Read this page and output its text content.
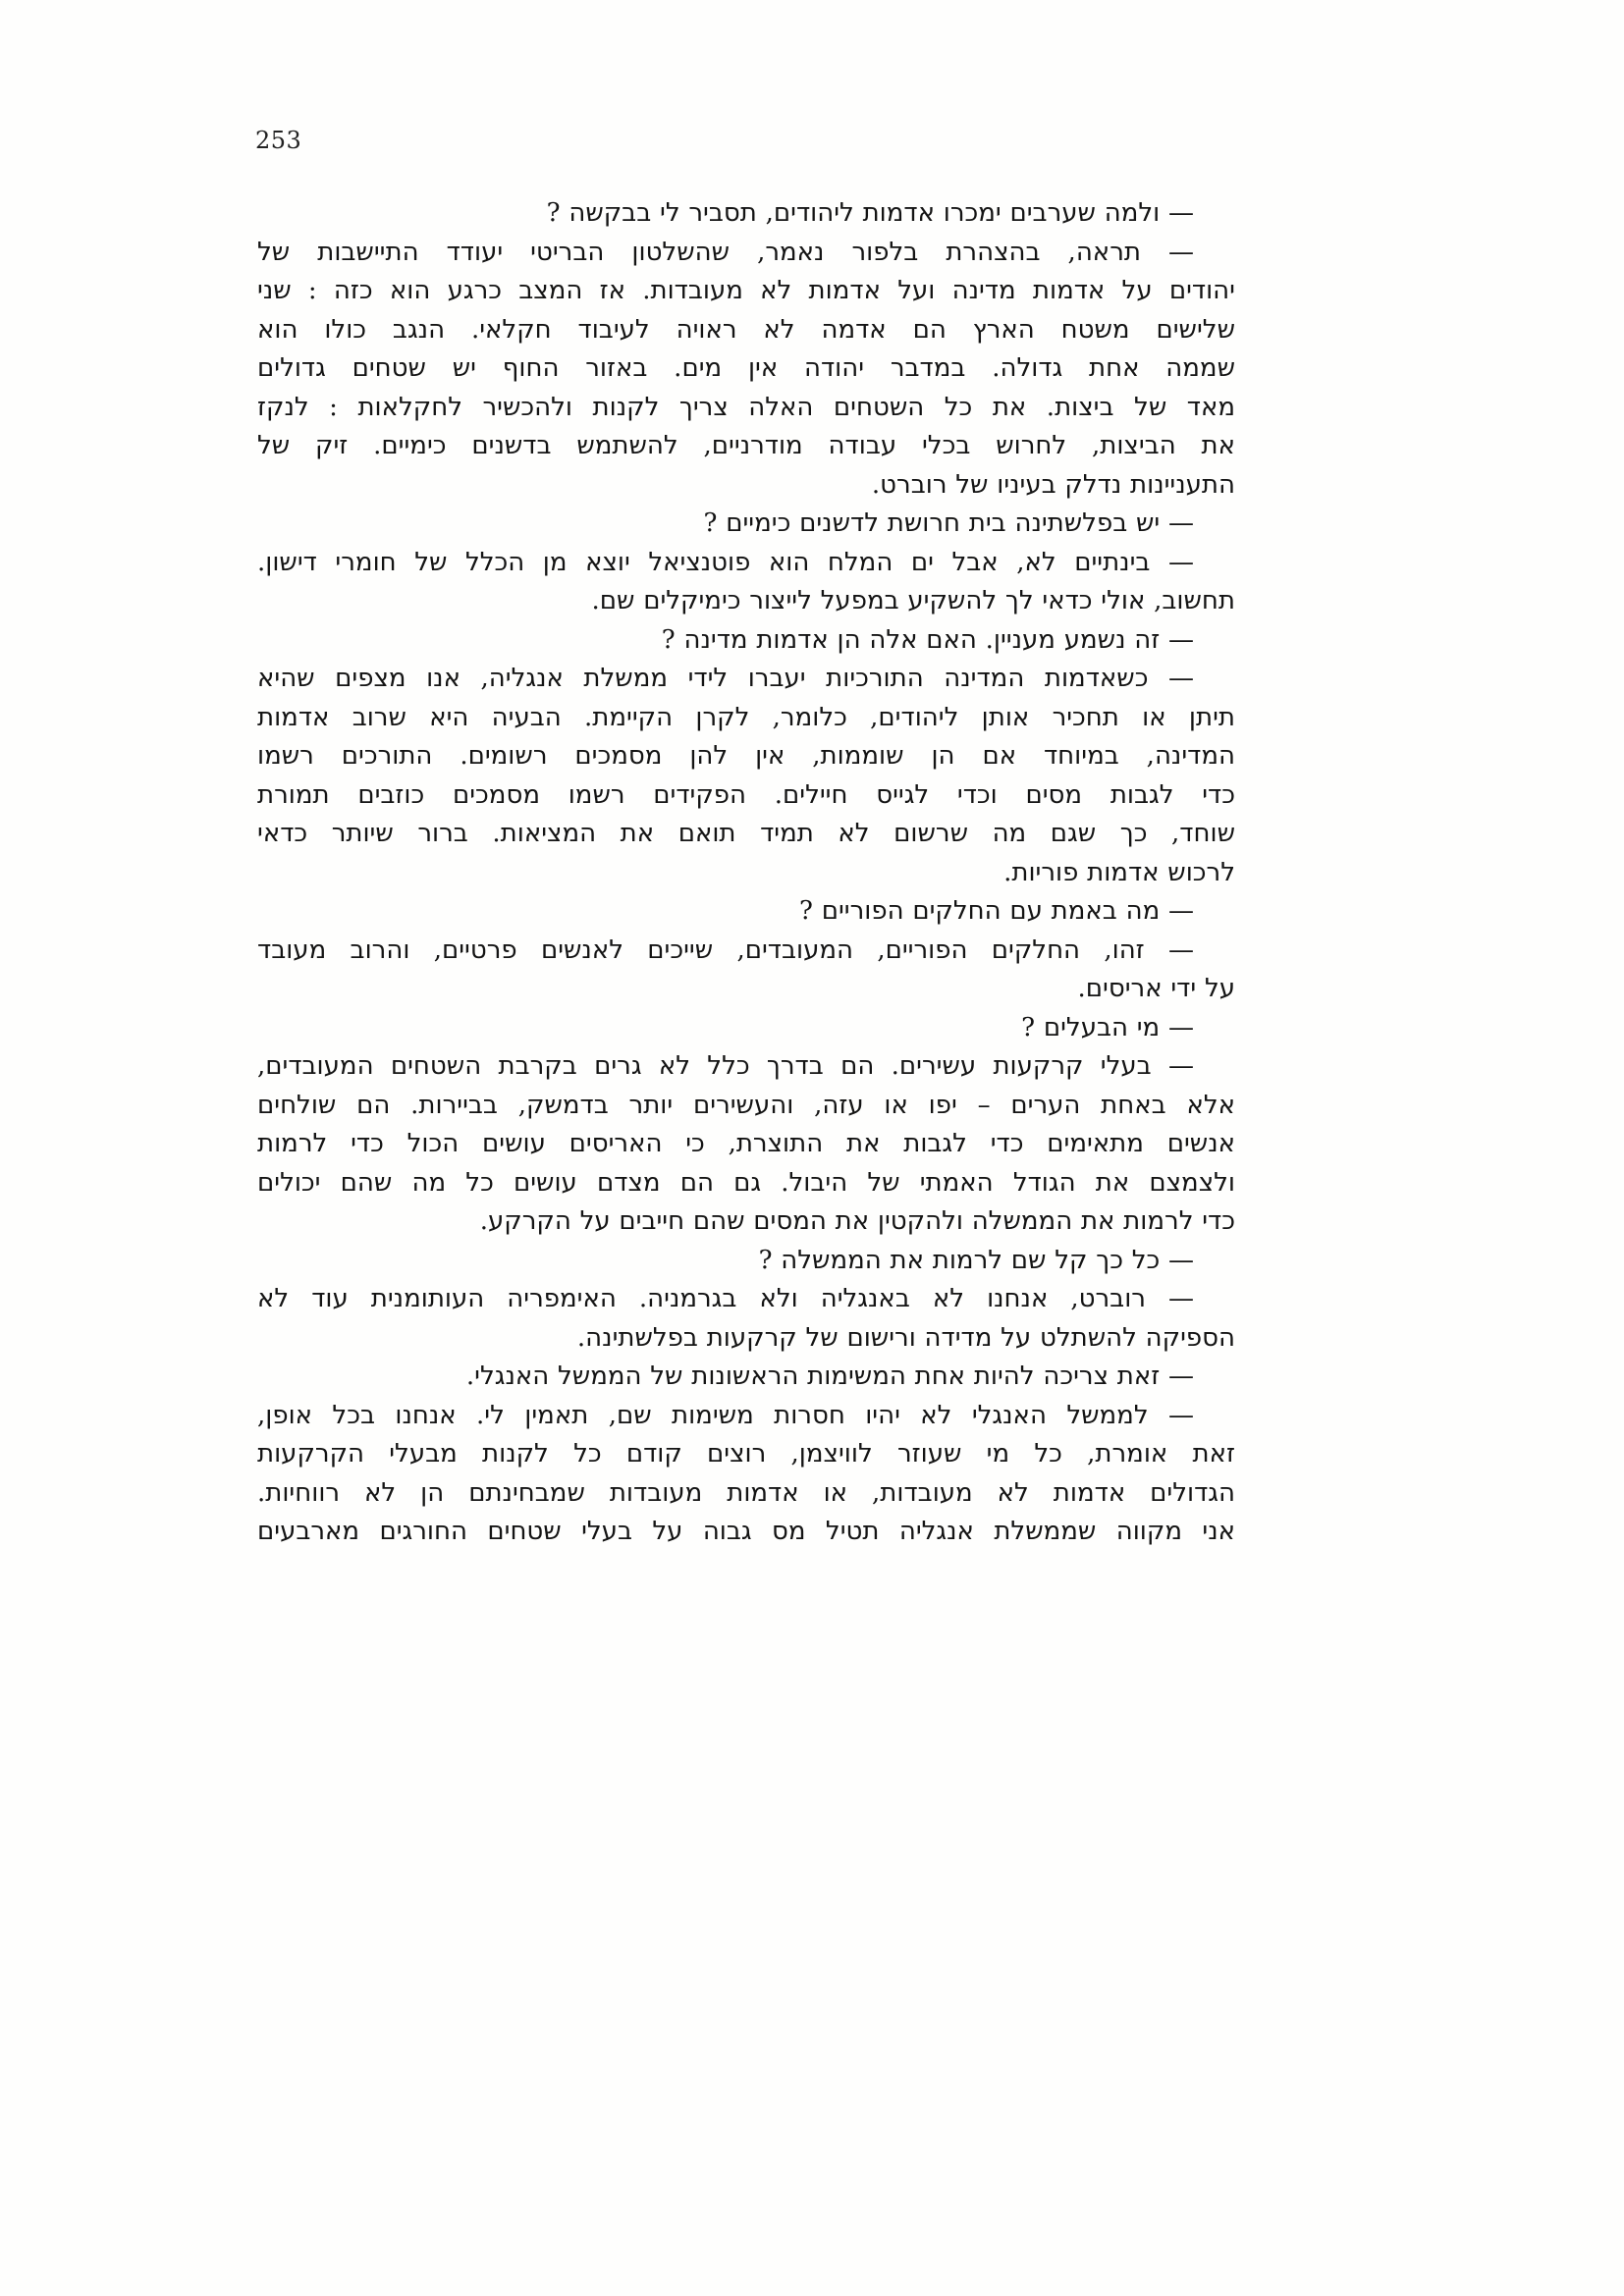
253
— ולמה שערבים ימכרו אדמות ליהודים, תסביר לי בבקשה ?
— תראה, בהצהרת בלפור נאמר, שהשלטון הבריטי יעודד התיישבות של
יהודים על אדמות מדינה ועל אדמות לא מעובדות. אז המצב כרגע הוא כזה : שני
שלישים משטח הארץ הם אדמה לא ראויה לעיבוד חקלאי. הנגב כולו הוא
שממה אחת גדולה. במדבר יהודה אין מים. באזור החוף יש שטחים גדולים
מאד של ביצות. את כל השטחים האלה צריך לקנות ולהכשיר לחקלאות : לנקז
את הביצות, לחרוש בכלי עבודה מודרניים, להשתמש בדשנים כימיים. זיק של
התעניינות נדלק בעיניו של רוברט.
— יש בפלשתינה בית חרושת לדשנים כימיים ?
— בינתיים לא, אבל ים המלח הוא פוטנציאל יוצא מן הכלל של חומרי דישון.
תחשוב, אולי כדאי לך להשקיע במפעל לייצור כימיקלים שם.
— זה נשמע מעניין. האם אלה הן אדמות מדינה ?
— כשאדמות המדינה התורכיות יעברו לידי ממשלת אנגליה, אנו מצפים שהיא
תיתן או תחכיר אותן ליהודים, כלומר, לקרן הקיימת. הבעיה היא שרוב אדמות
המדינה, במיוחד אם הן שוממות, אין להן מסמכים רשומים. התורכים רשמו
כדי לגבות מסים וכדי לגייס חיילים. הפקידים רשמו מסמכים כוזבים תמורת
שוחד, כך שגם מה שרשום לא תמיד תואם את המציאות. ברור שיותר כדאי
לרכוש אדמות פוריות.
— מה באמת עם החלקים הפוריים ?
— זהו, החלקים הפוריים, המעובדים, שייכים לאנשים פרטיים, והרוב מעובד
על ידי אריסים.
— מי הבעלים ?
— בעלי קרקעות עשירים. הם בדרך כלל לא גרים בקרבת השטחים המעובדים,
אלא באחת הערים – יפו או עזה, והעשירים יותר בדמשק, בביירות. הם שולחים
אנשים מתאימים כדי לגבות את התוצרת, כי האריסים עושים הכול כדי לרמות
ולצמצם את הגודל האמתי של היבול. גם הם מצדם עושים כל מה שהם יכולים
כדי לרמות את הממשלה ולהקטין את המסים שהם חייבים על הקרקע.
— כל כך קל שם לרמות את הממשלה ?
— רוברט, אנחנו לא באנגליה ולא בגרמניה. האימפריה העותומנית עוד לא
הספיקה להשתלט על מדידה ורישום של קרקעות בפלשתינה.
— זאת צריכה להיות אחת המשימות הראשונות של הממשל האנגלי.
— לממשל האנגלי לא יהיו חסרות משימות שם, תאמין לי. אנחנו בכל אופן,
זאת אומרת, כל מי שעוזר לוויצמן, רוצים קודם כל לקנות מבעלי הקרקעות
הגדולים אדמות לא מעובדות, או אדמות מעובדות שמבחינתם הן לא רווחיות.
אני מקווה שממשלת אנגליה תטיל מס גבוה על בעלי שטחים החורגים מארבעים
